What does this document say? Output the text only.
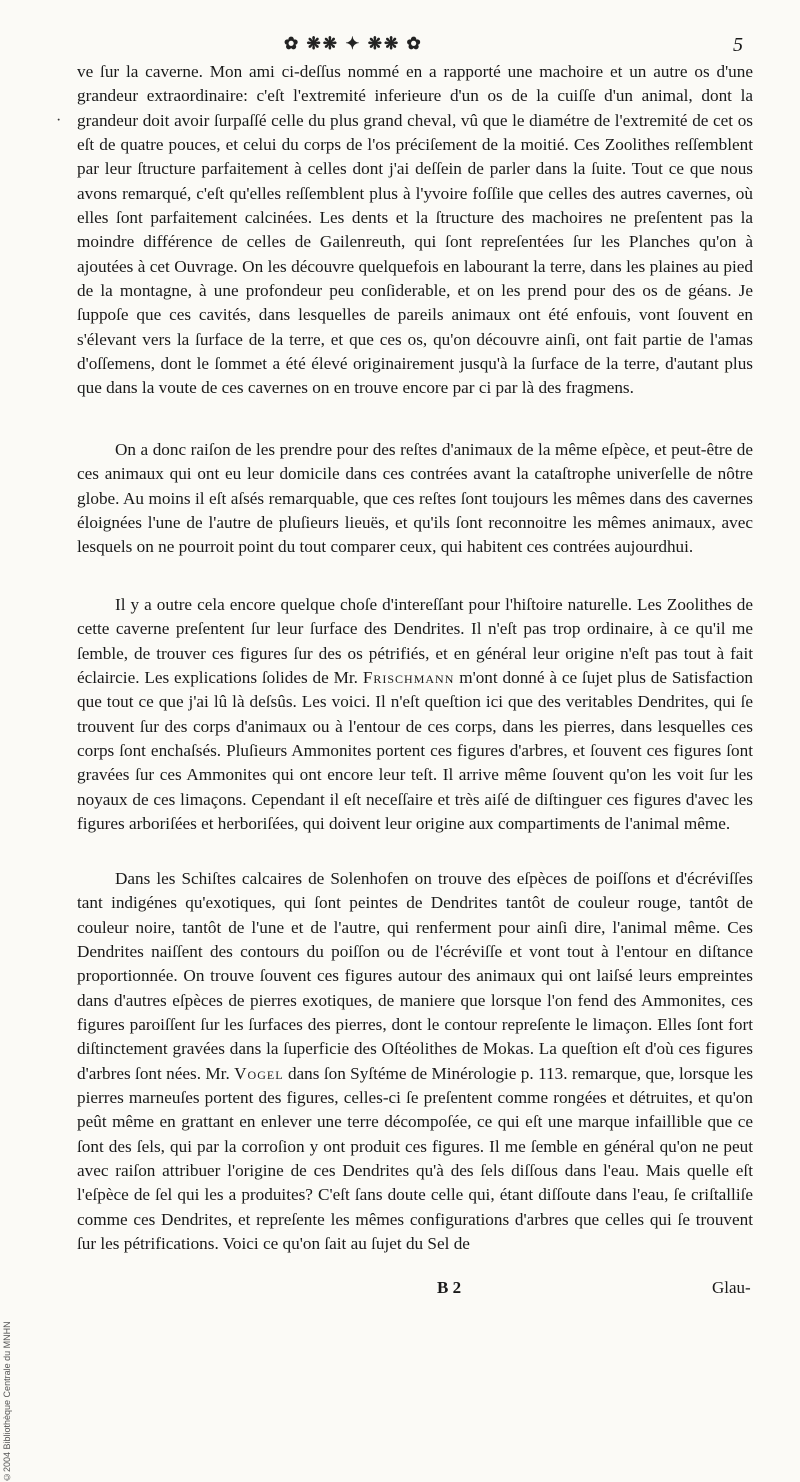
✿ ❋❋ ✦ ❋❋ ✿	5
·
ve ſur la caverne. Mon ami ci-deſſus nommé en a rapporté une machoire et un autre os d'une grandeur extraordinaire: c'eſt l'extremité inferieure d'un os de la cuiſſe d'un animal, dont la grandeur doit avoir ſurpaſſé celle du plus grand cheval, vû que le diamétre de l'extremité de cet os eſt de quatre pouces, et celui du corps de l'os préciſement de la moitié. Ces Zoolithes reſſemblent par leur ſtructure parfaitement à celles dont j'ai deſſein de parler dans la ſuite. Tout ce que nous avons remarqué, c'eſt qu'elles reſſemblent plus à l'yvoire foſſile que celles des autres cavernes, où elles ſont parfaitement calcinées. Les dents et la ſtructure des machoires ne preſentent pas la moindre différence de celles de Gailenreuth, qui ſont repreſentées ſur les Planches qu'on à ajoutées à cet Ouvrage. On les découvre quelquefois en labourant la terre, dans les plaines au pied de la montagne, à une profondeur peu conſiderable, et on les prend pour des os de géans. Je ſuppoſe que ces cavités, dans lesquelles de pareils animaux ont été enfouis, vont ſouvent en s'élevant vers la ſurface de la terre, et que ces os, qu'on découvre ainſi, ont fait partie de l'amas d'oſſemens, dont le ſommet a été élevé originairement jusqu'à la ſurface de la terre, d'autant plus que dans la voute de ces cavernes on en trouve encore par ci par là des fragmens.
On a donc raiſon de les prendre pour des reſtes d'animaux de la même eſpèce, et peut-être de ces animaux qui ont eu leur domicile dans ces contrées avant la cataſtrophe univerſelle de nôtre globe. Au moins il eſt aſsés remarquable, que ces reſtes ſont toujours les mêmes dans des cavernes éloignées l'une de l'autre de pluſieurs lieuës, et qu'ils ſont reconnoitre les mêmes animaux, avec lesquels on ne pourroit point du tout comparer ceux, qui habitent ces contrées aujourdhui.
Il y a outre cela encore quelque choſe d'intereſſant pour l'hiſtoire naturelle. Les Zoolithes de cette caverne preſentent ſur leur ſurface des Dendrites. Il n'eſt pas trop ordinaire, à ce qu'il me ſemble, de trouver ces figures ſur des os pétrifiés, et en général leur origine n'eſt pas tout à fait éclaircie. Les explications ſolides de Mr. Frischmann m'ont donné à ce ſujet plus de Satisfaction que tout ce que j'ai lû là deſsûs. Les voici. Il n'eſt queſtion ici que des veritables Dendrites, qui ſe trouvent ſur des corps d'animaux ou à l'entour de ces corps, dans les pierres, dans lesquelles ces corps ſont enchaſsés. Pluſieurs Ammonites portent ces figures d'arbres, et ſouvent ces figures ſont gravées ſur ces Ammonites qui ont encore leur teſt. Il arrive même ſouvent qu'on les voit ſur les noyaux de ces limaçons. Cependant il eſt neceſſaire et très aiſé de diſtinguer ces figures d'avec les figures arboriſées et herboriſées, qui doivent leur origine aux compartiments de l'animal même.
Dans les Schiſtes calcaires de Solenhofen on trouve des eſpèces de poiſſons et d'écréviſſes tant indigénes qu'exotiques, qui ſont peintes de Dendrites tantôt de couleur rouge, tantôt de couleur noire, tantôt de l'une et de l'autre, qui renferment pour ainſi dire, l'animal même. Ces Dendrites naiſſent des contours du poiſſon ou de l'écréviſſe et vont tout à l'entour en diſtance proportionnée. On trouve ſouvent ces figures autour des animaux qui ont laiſsé leurs empreintes dans d'autres eſpèces de pierres exotiques, de maniere que lorsque l'on fend des Ammonites, ces figures paroiſſent ſur les ſurfaces des pierres, dont le contour repreſente le limaçon. Elles ſont fort diſtinctement gravées dans la ſuperficie des Oſtéolithes de Mokas. La queſtion eſt d'où ces figures d'arbres ſont nées. Mr. Vogel dans ſon Syſtéme de Minérologie p. 113. remarque, que, lorsque les pierres marneuſes portent des figures, celles-ci ſe preſentent comme rongées et détruites, et qu'on peût même en grattant en enlever une terre décompoſée, ce qui eſt une marque infaillible que ce ſont des ſels, qui par la corroſion y ont produit ces figures. Il me ſemble en général qu'on ne peut avec raiſon attribuer l'origine de ces Dendrites qu'à des ſels diſſous dans l'eau. Mais quelle eſt l'eſpèce de ſel qui les a produites? C'eſt ſans doute celle qui, étant diſſoute dans l'eau, ſe criſtalliſe comme ces Dendrites, et repreſente les mêmes configurations d'arbres que celles qui ſe trouvent ſur les pétrifications. Voici ce qu'on ſait au ſujet du Sel de
B 2	Glau-
©2004 Bibliothèque Centrale du MNHN
